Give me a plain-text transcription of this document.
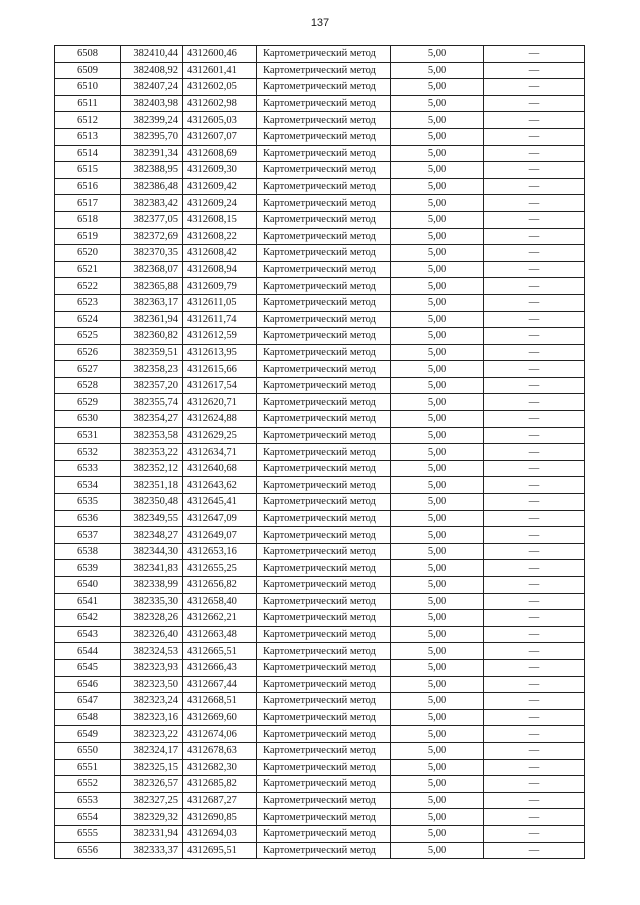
137
6508	382410,44	4312600,46	Картометрический метод	5,00	—
6509	382408,92	4312601,41	Картометрический метод	5,00	—
6510	382407,24	4312602,05	Картометрический метод	5,00	—
6511	382403,98	4312602,98	Картометрический метод	5,00	—
6512	382399,24	4312605,03	Картометрический метод	5,00	—
6513	382395,70	4312607,07	Картометрический метод	5,00	—
6514	382391,34	4312608,69	Картометрический метод	5,00	—
6515	382388,95	4312609,30	Картометрический метод	5,00	—
6516	382386,48	4312609,42	Картометрический метод	5,00	—
6517	382383,42	4312609,24	Картометрический метод	5,00	—
6518	382377,05	4312608,15	Картометрический метод	5,00	—
6519	382372,69	4312608,22	Картометрический метод	5,00	—
6520	382370,35	4312608,42	Картометрический метод	5,00	—
6521	382368,07	4312608,94	Картометрический метод	5,00	—
6522	382365,88	4312609,79	Картометрический метод	5,00	—
6523	382363,17	4312611,05	Картометрический метод	5,00	—
6524	382361,94	4312611,74	Картометрический метод	5,00	—
6525	382360,82	4312612,59	Картометрический метод	5,00	—
6526	382359,51	4312613,95	Картометрический метод	5,00	—
6527	382358,23	4312615,66	Картометрический метод	5,00	—
6528	382357,20	4312617,54	Картометрический метод	5,00	—
6529	382355,74	4312620,71	Картометрический метод	5,00	—
6530	382354,27	4312624,88	Картометрический метод	5,00	—
6531	382353,58	4312629,25	Картометрический метод	5,00	—
6532	382353,22	4312634,71	Картометрический метод	5,00	—
6533	382352,12	4312640,68	Картометрический метод	5,00	—
6534	382351,18	4312643,62	Картометрический метод	5,00	—
6535	382350,48	4312645,41	Картометрический метод	5,00	—
6536	382349,55	4312647,09	Картометрический метод	5,00	—
6537	382348,27	4312649,07	Картометрический метод	5,00	—
6538	382344,30	4312653,16	Картометрический метод	5,00	—
6539	382341,83	4312655,25	Картометрический метод	5,00	—
6540	382338,99	4312656,82	Картометрический метод	5,00	—
6541	382335,30	4312658,40	Картометрический метод	5,00	—
6542	382328,26	4312662,21	Картометрический метод	5,00	—
6543	382326,40	4312663,48	Картометрический метод	5,00	—
6544	382324,53	4312665,51	Картометрический метод	5,00	—
6545	382323,93	4312666,43	Картометрический метод	5,00	—
6546	382323,50	4312667,44	Картометрический метод	5,00	—
6547	382323,24	4312668,51	Картометрический метод	5,00	—
6548	382323,16	4312669,60	Картометрический метод	5,00	—
6549	382323,22	4312674,06	Картометрический метод	5,00	—
6550	382324,17	4312678,63	Картометрический метод	5,00	—
6551	382325,15	4312682,30	Картометрический метод	5,00	—
6552	382326,57	4312685,82	Картометрический метод	5,00	—
6553	382327,25	4312687,27	Картометрический метод	5,00	—
6554	382329,32	4312690,85	Картометрический метод	5,00	—
6555	382331,94	4312694,03	Картометрический метод	5,00	—
6556	382333,37	4312695,51	Картометрический метод	5,00	—
